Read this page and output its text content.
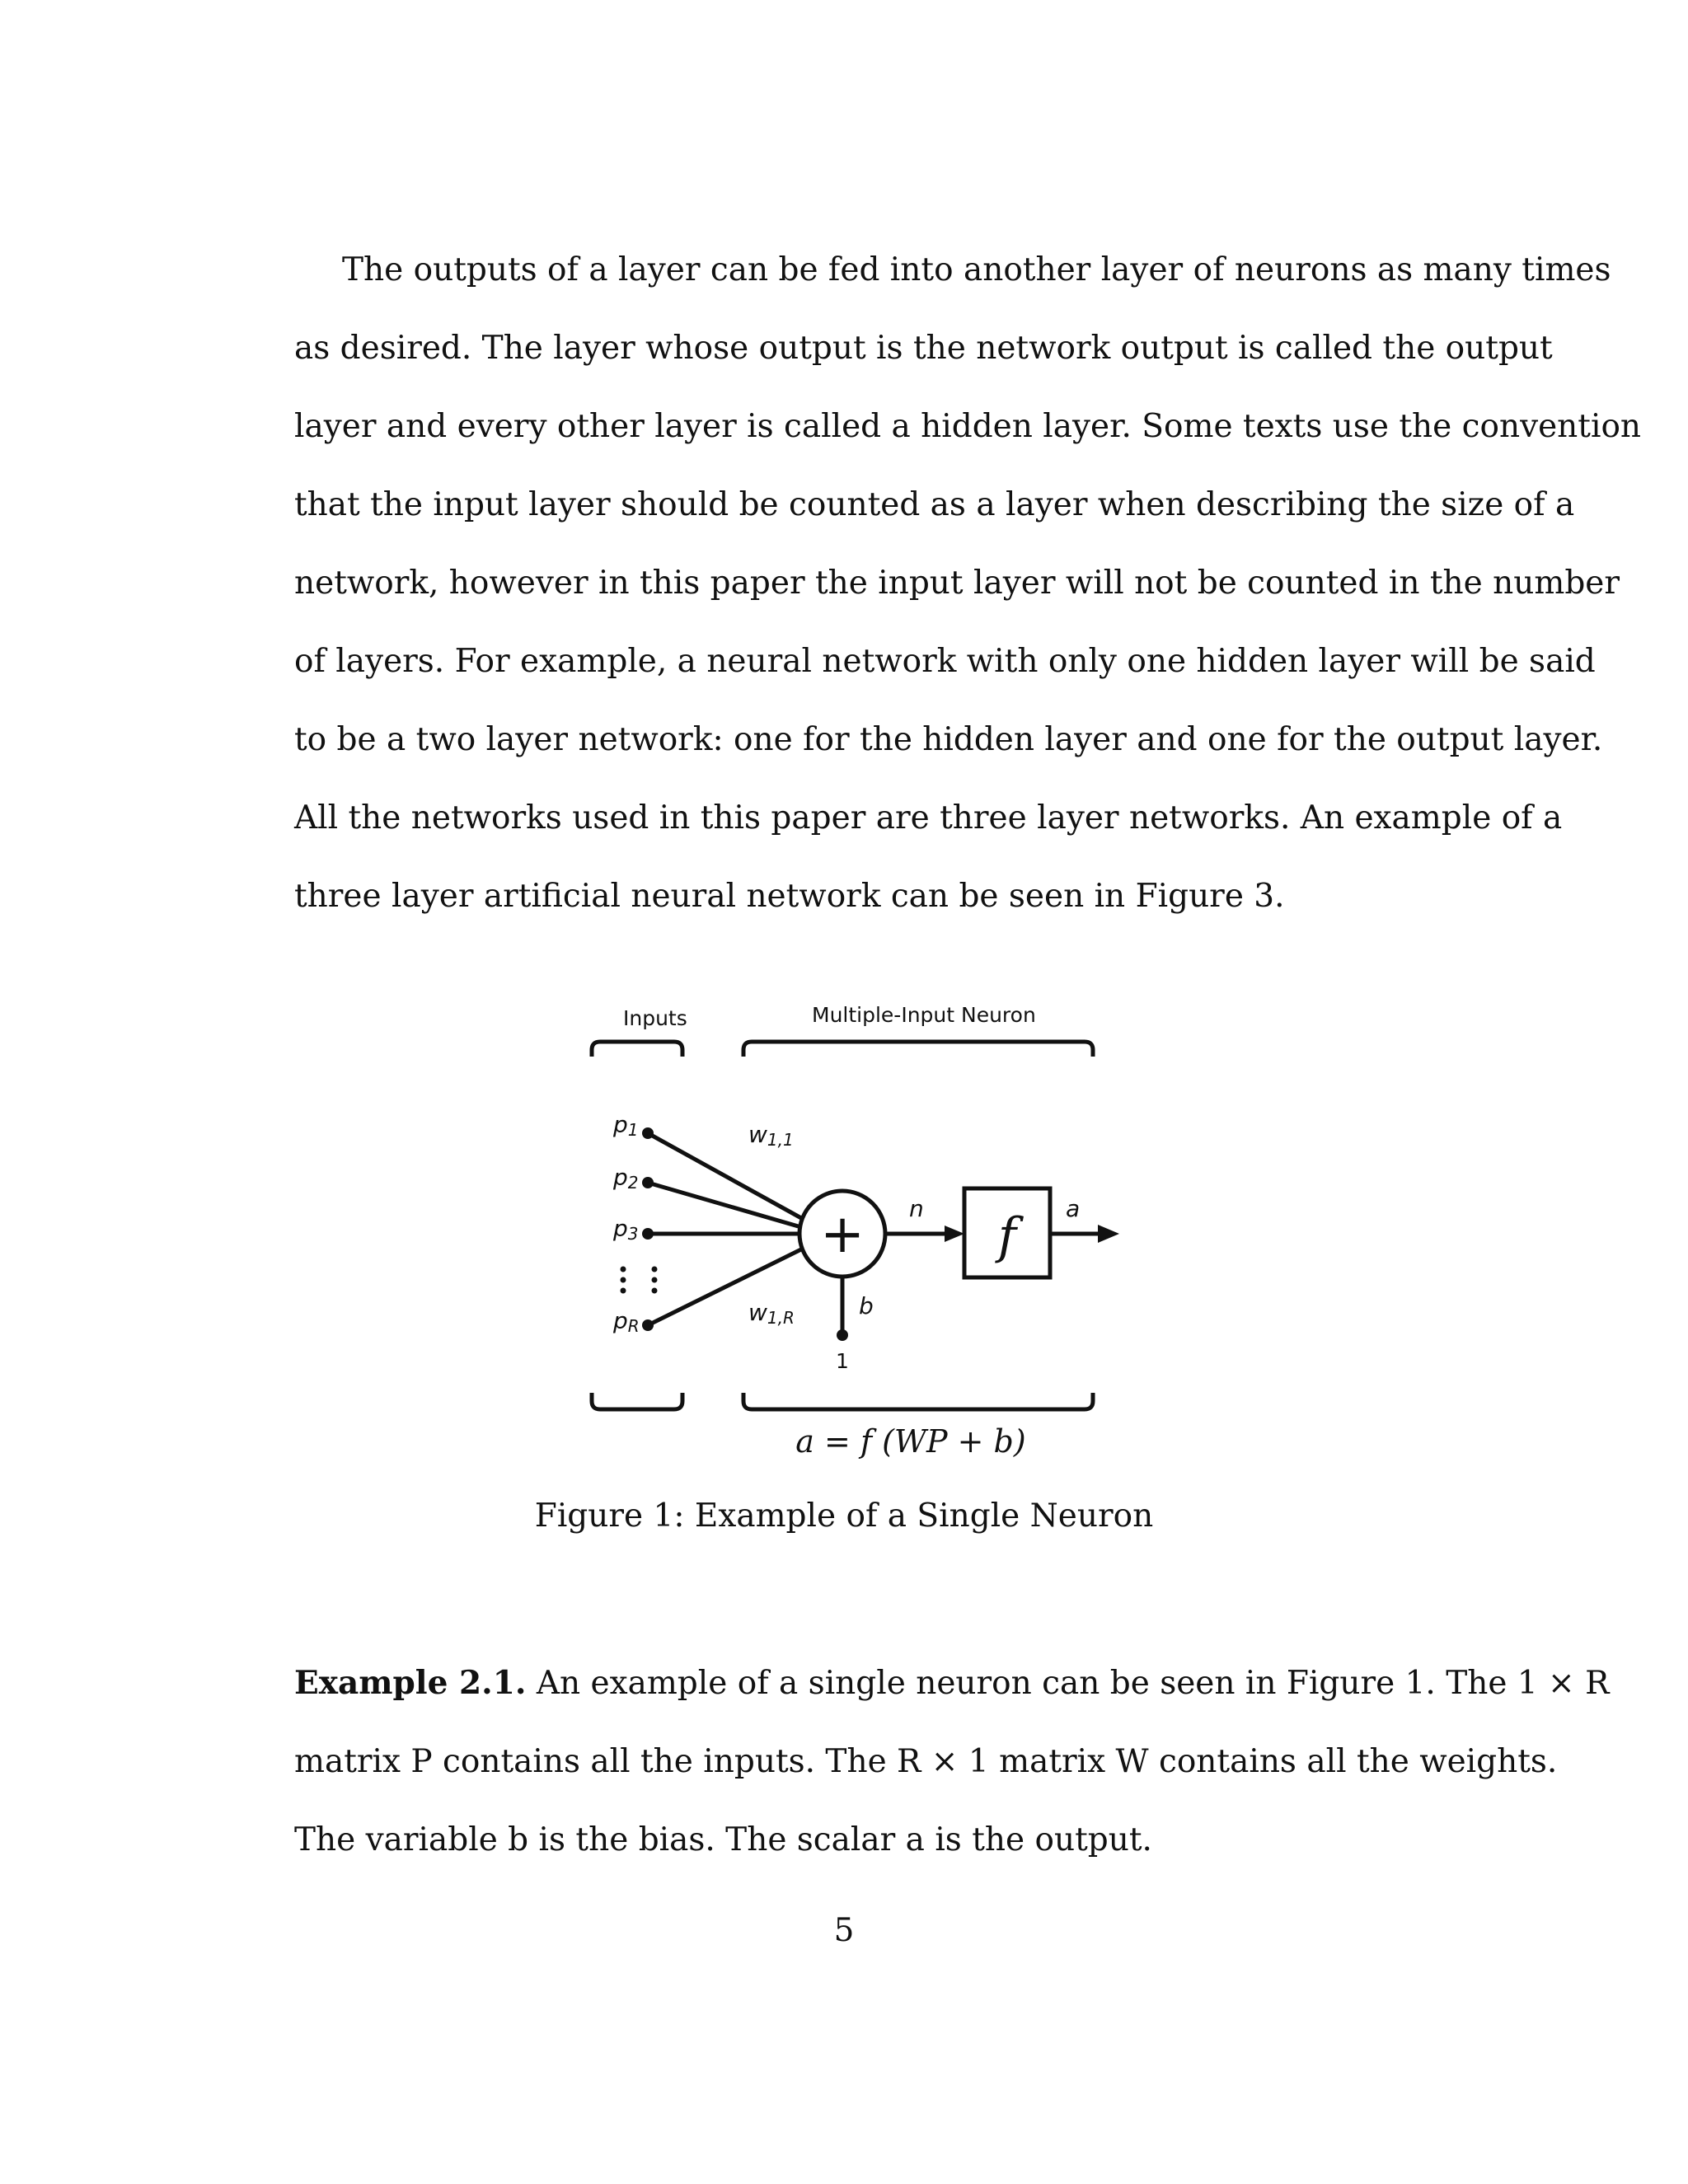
The outputs of a layer can be fed into another layer of neurons as many times
as desired. The layer whose output is the network output is called the output
layer and every other layer is called a hidden layer. Some texts use the convention
that the input layer should be counted as a layer when describing the size of a
network, however in this paper the input layer will not be counted in the number
of layers. For example, a neural network with only one hidden layer will be said
to be a two layer network: one for the hidden layer and one for the output layer.
All the networks used in this paper are three layer networks. An example of a
three layer artificial neural network can be seen in Figure 3.
Inputs	Multiple-Input Neuron
p1
p2
p3
pR
w1,1
w1,R
+
b
1
n f	a
a = f (WP + b)
Figure 1: Example of a Single Neuron
Example 2.1. An example of a single neuron can be seen in Figure 1. The 1 × R
matrix P contains all the inputs. The R × 1 matrix W contains all the weights.
The variable b is the bias. The scalar a is the output.
5
